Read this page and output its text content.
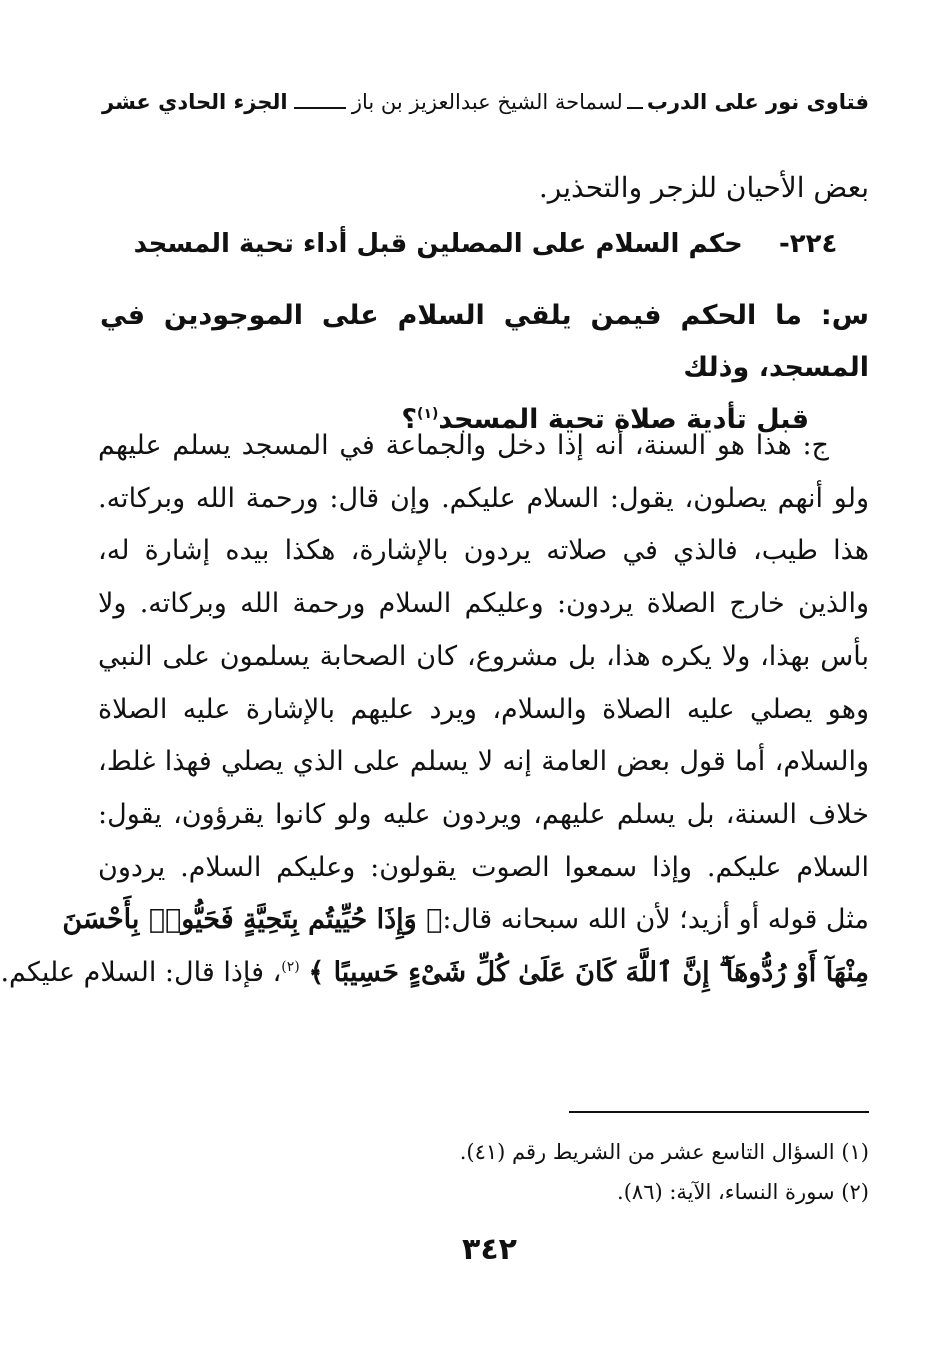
فتاوى نور على الدرب
لسماحة الشيخ عبدالعزيز بن باز
الجزء الحادي عشر
بعض الأحيان للزجر والتحذير.
٢٢٤-    حكم السلام على المصلين قبل أداء تحية المسجد
س: ما الحكم فيمن يلقي السلام على الموجودين في المسجد، وذلك
قبل تأدية صلاة تحية المسجد$^{(١)}$؟
ج: هذا هو السنة، أنه إذا دخل والجماعة في المسجد يسلم عليهم
ولو أنهم يصلون، يقول: السلام عليكم. وإن قال: ورحمة الله وبركاته.
هذا طيب، فالذي في صلاته يردون بالإشارة، هكذا بيده إشارة له،
والذين خارج الصلاة يردون: وعليكم السلام ورحمة الله وبركاته. ولا
بأس بهذا، ولا يكره هذا، بل مشروع، كان الصحابة يسلمون على النبي
وهو يصلي عليه الصلاة والسلام، ويرد عليهم بالإشارة عليه الصلاة
والسلام، أما قول بعض العامة إنه لا يسلم على الذي يصلي فهذا غلط،
خلاف السنة، بل يسلم عليهم، ويردون عليه ولو كانوا يقرؤون، يقول:
السلام عليكم. وإذا سمعوا الصوت يقولون: وعليكم السلام. يردون
مثل قوله أو أزيد؛ لأن الله سبحانه قال:﴿ وَإِذَا حُيِّيتُم بِتَحِيَّةٍ فَحَيُّوا۟ بِأَحْسَنَ
مِنْهَآ أَوْ رُدُّوهَآ ۗ إِنَّ ٱللَّهَ كَانَ عَلَىٰ كُلِّ شَىْءٍ حَسِيبًا ﴾ $^{(٢)}$، فإذا قال: السلام عليكم.
(١) السؤال التاسع عشر من الشريط رقم (٤١).
(٢) سورة النساء، الآية: (٨٦).
٣٤٢
